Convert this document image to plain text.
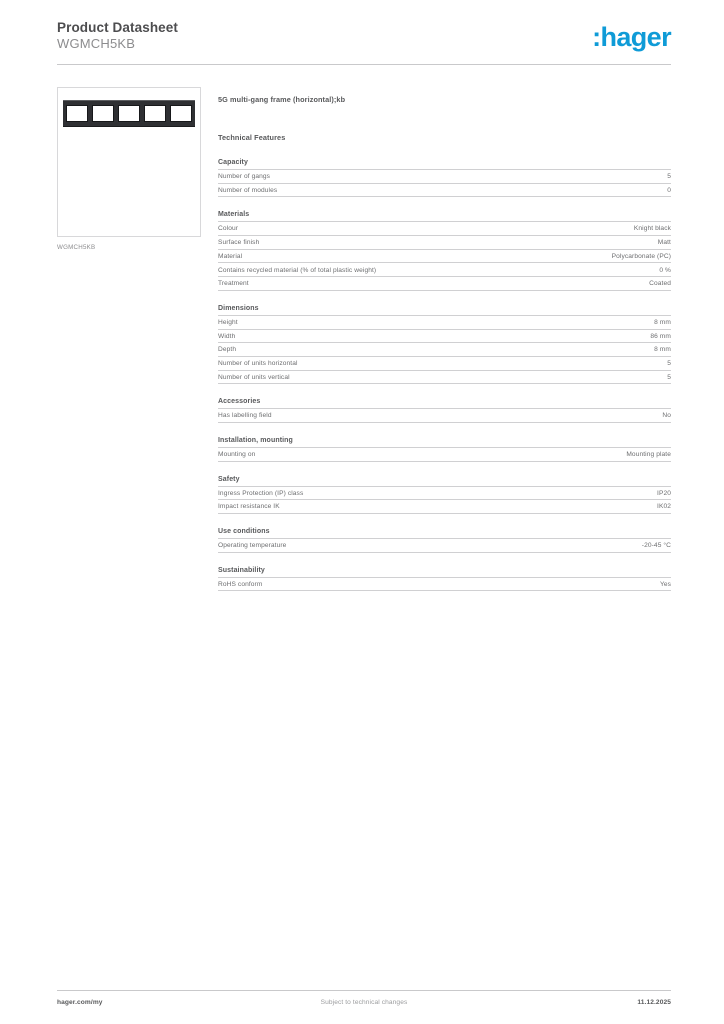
Product Datasheet
WGMCH5KB	:hager
WGMCH5KB
5G multi-gang frame (horizontal);kb
Technical Features
Capacity
Number of gangs	5
Number of modules	0
Materials
Colour	Knight black
Surface finish	Matt
Material	Polycarbonate (PC)
Contains recycled material (% of total plastic weight)	0 %
Treatment	Coated
Dimensions
Height	8 mm
Width	86 mm
Depth	8 mm
Number of units horizontal	5
Number of units vertical	5
Accessories
Has labelling field	No
Installation, mounting
Mounting on	Mounting plate
Safety
Ingress Protection (IP) class	IP20
Impact resistance IK	IK02
Use conditions
Operating temperature	-20-45 °C
Sustainability
RoHS conform	Yes
hager.com/my	Subject to technical changes	11.12.2025
